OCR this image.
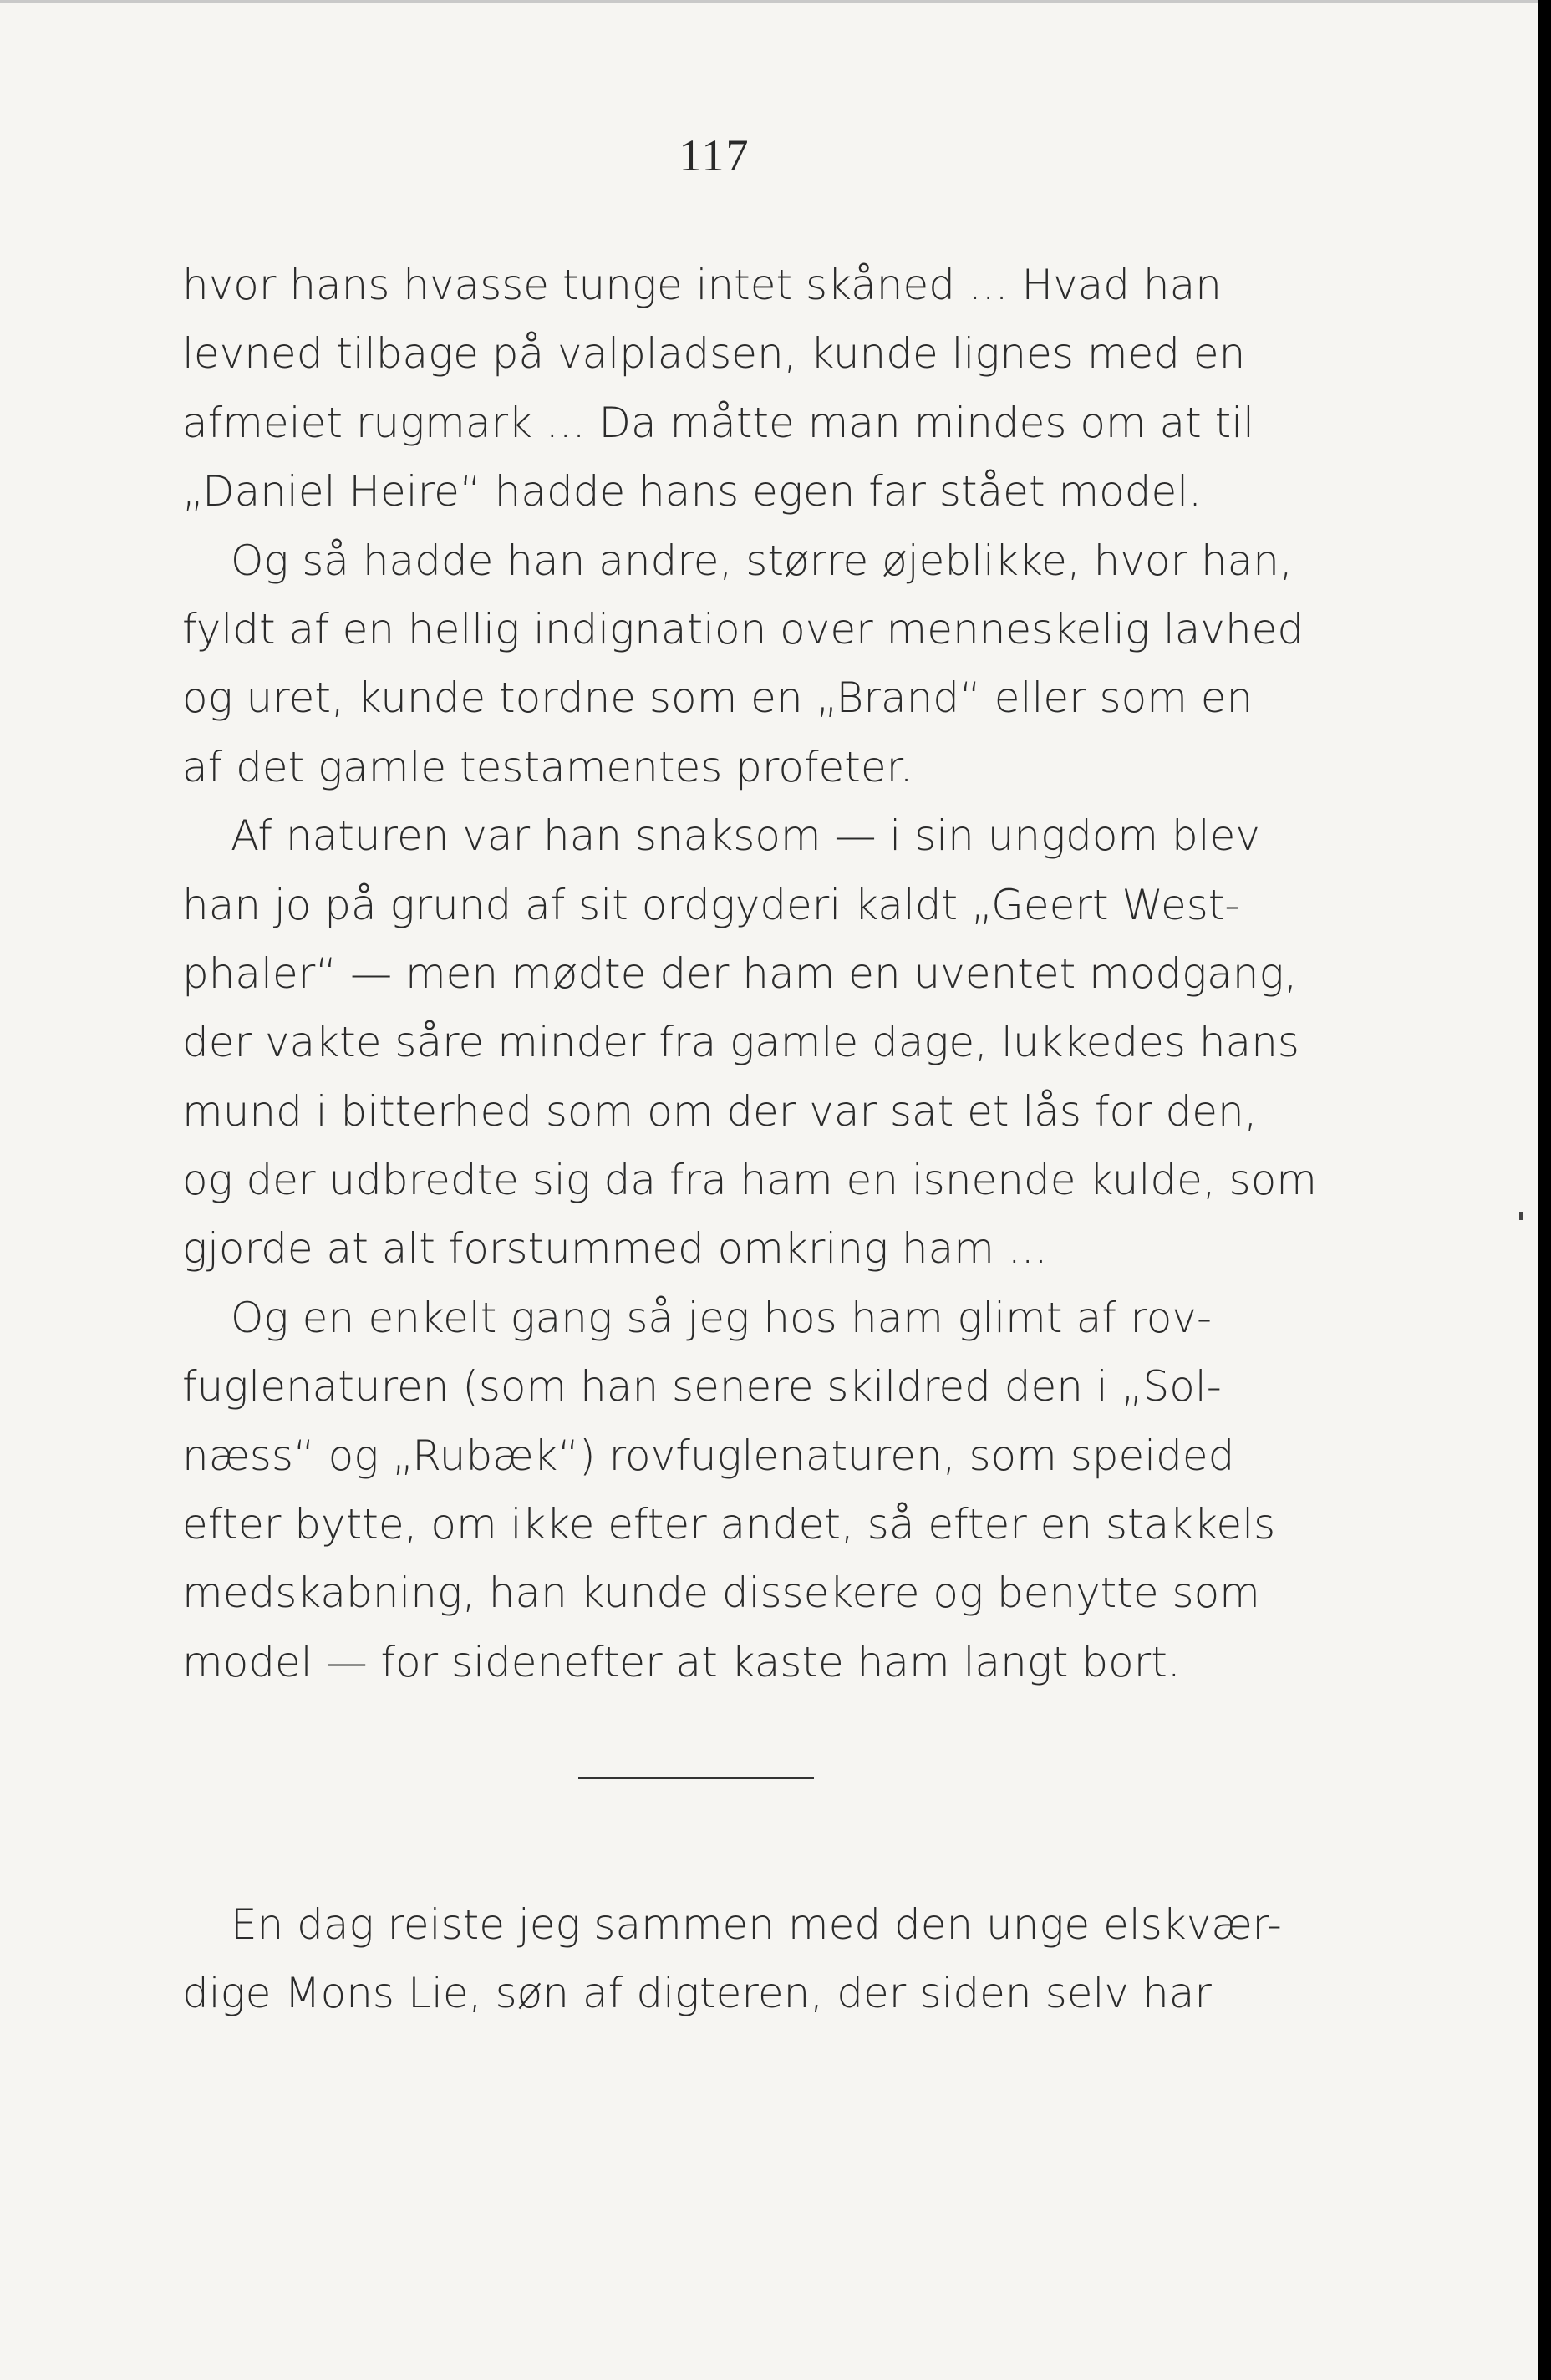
117
hvor hans hvasse tunge intet skåned ... Hvad han
levned tilbage på valpladsen, kunde lignes med en
afmeiet rugmark ... Da måtte man mindes om at til
„Daniel Heire“ hadde hans egen far stået model.
Og så hadde han andre, større øjeblikke, hvor han,
fyldt af en hellig indignation over menneskelig lavhed
og uret, kunde tordne som en „Brand“ eller som en
af det gamle testamentes profeter.
Af naturen var han snaksom — i sin ungdom blev
han jo på grund af sit ordgyderi kaldt „Geert West-
phaler“ — men mødte der ham en uventet modgang,
der vakte såre minder fra gamle dage, lukkedes hans
mund i bitterhed som om der var sat et lås for den,
og der udbredte sig da fra ham en isnende kulde, som
gjorde at alt forstummed omkring ham ...
Og en enkelt gang så jeg hos ham glimt af rov-
fuglenaturen (som han senere skildred den i „Sol-
næss“ og „Rubæk“) rovfuglenaturen, som speided
efter bytte, om ikke efter andet, så efter en stakkels
medskabning, han kunde dissekere og benytte som
model — for sidenefter at kaste ham langt bort.
En dag reiste jeg sammen med den unge elskvær-
dige Mons Lie, søn af digteren, der siden selv har
